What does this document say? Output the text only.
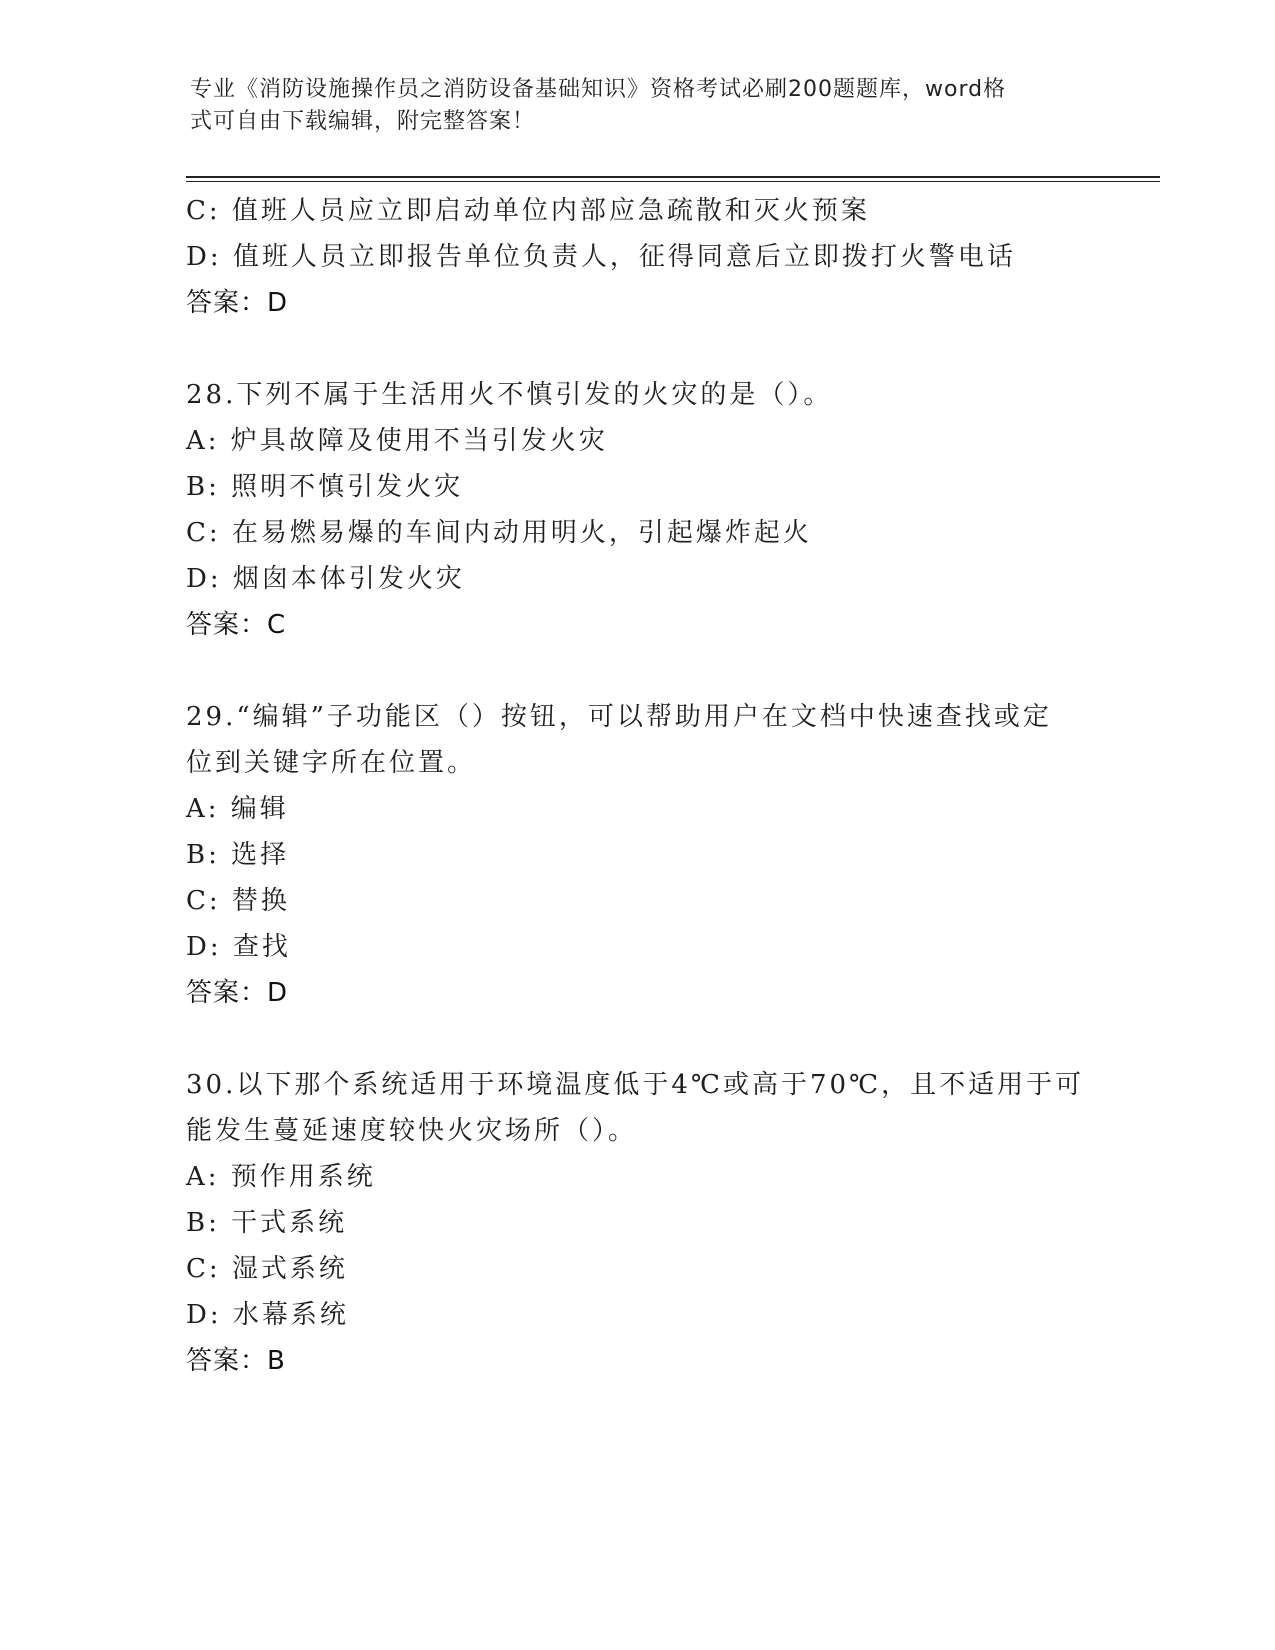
专业《消防设施操作员之消防设备基础知识》资格考试必刷200题题库，word格
式可自由下载编辑，附完整答案！
C: 值班人员应立即启动单位内部应急疏散和灭火预案
D: 值班人员立即报告单位负责人，征得同意后立即拨打火警电话
答案：D
28.下列不属于生活用火不慎引发的火灾的是（）。
A: 炉具故障及使用不当引发火灾
B: 照明不慎引发火灾
C: 在易燃易爆的车间内动用明火，引起爆炸起火
D: 烟囱本体引发火灾
答案：C
29.“编辑”子功能区（）按钮，可以帮助用户在文档中快速查找或定
位到关键字所在位置。
A: 编辑
B: 选择
C: 替换
D: 查找
答案：D
30.以下那个系统适用于环境温度低于4℃或高于70℃，且不适用于可
能发生蔓延速度较快火灾场所（）。
A: 预作用系统
B: 干式系统
C: 湿式系统
D: 水幕系统
答案：B
